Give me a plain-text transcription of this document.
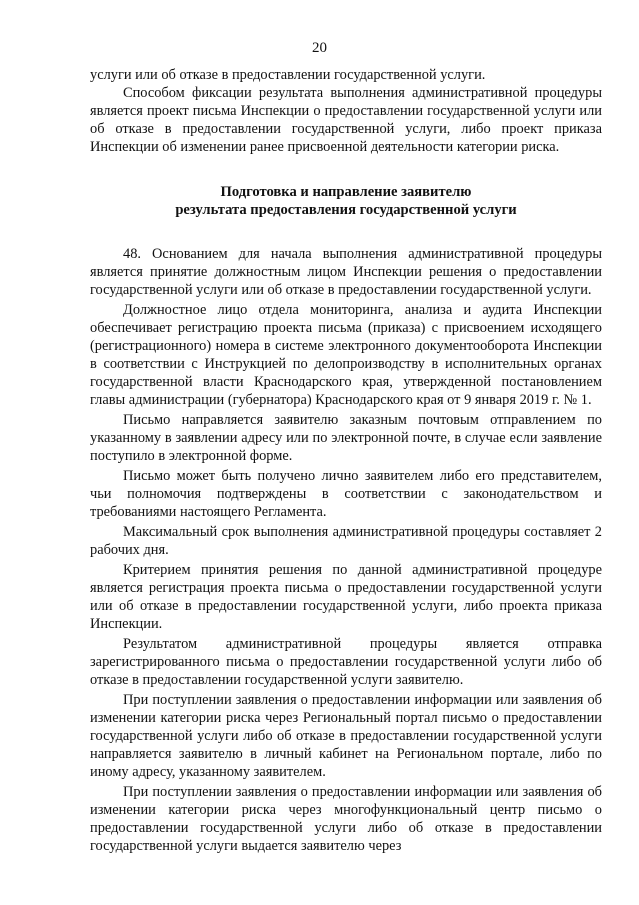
20

услуги или об отказе в предоставлении государственной услуги.

Способом фиксации результата выполнения административной процедуры является проект письма Инспекции о предоставлении государственной услуги или об отказе в предоставлении государственной услуги, либо проект приказа Инспекции об изменении ранее присвоенной деятельности категории риска.

Подготовка и направление заявителю
результата предоставления государственной услуги

48. Основанием для начала выполнения административной процедуры является принятие должностным лицом Инспекции решения о предоставлении государственной услуги или об отказе в предоставлении государственной услуги.

Должностное лицо отдела мониторинга, анализа и аудита Инспекции обеспечивает регистрацию проекта письма (приказа) с присвоением исходящего (регистрационного) номера в системе электронного документооборота Инспекции в соответствии с Инструкцией по делопроизводству в исполнительных органах государственной власти Краснодарского края, утвержденной постановлением главы администрации (губернатора) Краснодарского края от 9 января 2019 г. № 1.

Письмо направляется заявителю заказным почтовым отправлением по указанному в заявлении адресу или по электронной почте, в случае если заявление поступило в электронной форме.

Письмо может быть получено лично заявителем либо его представителем, чьи полномочия подтверждены в соответствии с законодательством и требованиями настоящего Регламента.

Максимальный срок выполнения административной процедуры составляет 2 рабочих дня.

Критерием принятия решения по данной административной процедуре является регистрация проекта письма о предоставлении государственной услуги или об отказе в предоставлении государственной услуги, либо проекта приказа Инспекции.

Результатом административной процедуры является отправка зарегистрированного письма о предоставлении государственной услуги либо об отказе в предоставлении государственной услуги заявителю.

При поступлении заявления о предоставлении информации или заявления об изменении категории риска через Региональный портал письмо о предоставлении государственной услуги либо об отказе в предоставлении государственной услуги направляется заявителю в личный кабинет на Региональном портале, либо по иному адресу, указанному заявителем.

При поступлении заявления о предоставлении информации или заявления об изменении категории риска через многофункциональный центр письмо о предоставлении государственной услуги либо об отказе в предоставлении государственной услуги выдается заявителю через
